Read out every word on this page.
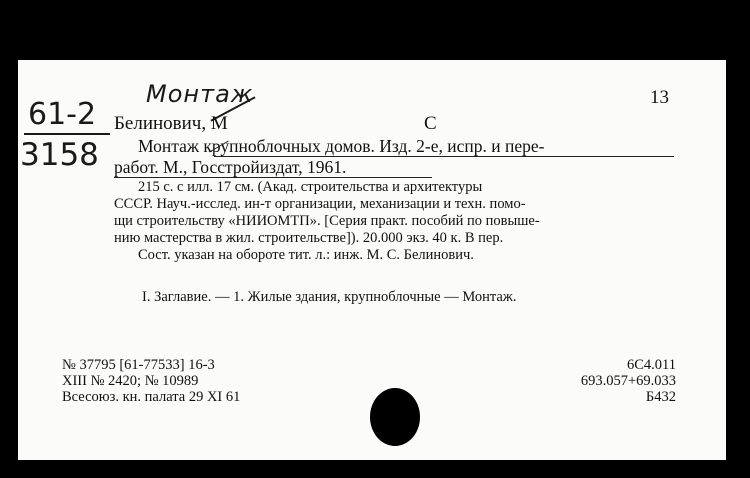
Монтаж
61-2
3158
13
Белинович, М	С
Монтаж крупноблочных домов. Изд. 2-е, испр. и пере-
работ. М., Госстройиздат, 1961.
215 с. с илл. 17 см. (Акад. строительства и архитектуры
СССР. Науч.-исслед. ин-т организации, механизации и техн. помо-
щи строительству «НИИОМТП». [Серия практ. пособий по повыше-
нию мастерства в жил. строительстве]). 20.000 экз. 40 к. В пер.
Сост. указан на обороте тит. л.: инж. М. С. Белинович.
I. Заглавие. — 1. Жилые здания, крупноблочные — Монтаж.
№ 37795 [61-77533] 16-3
XIII № 2420; № 10989
Всесоюз. кн. палата 29 XI 61
6С4.011
693.057+69.033
Б432
